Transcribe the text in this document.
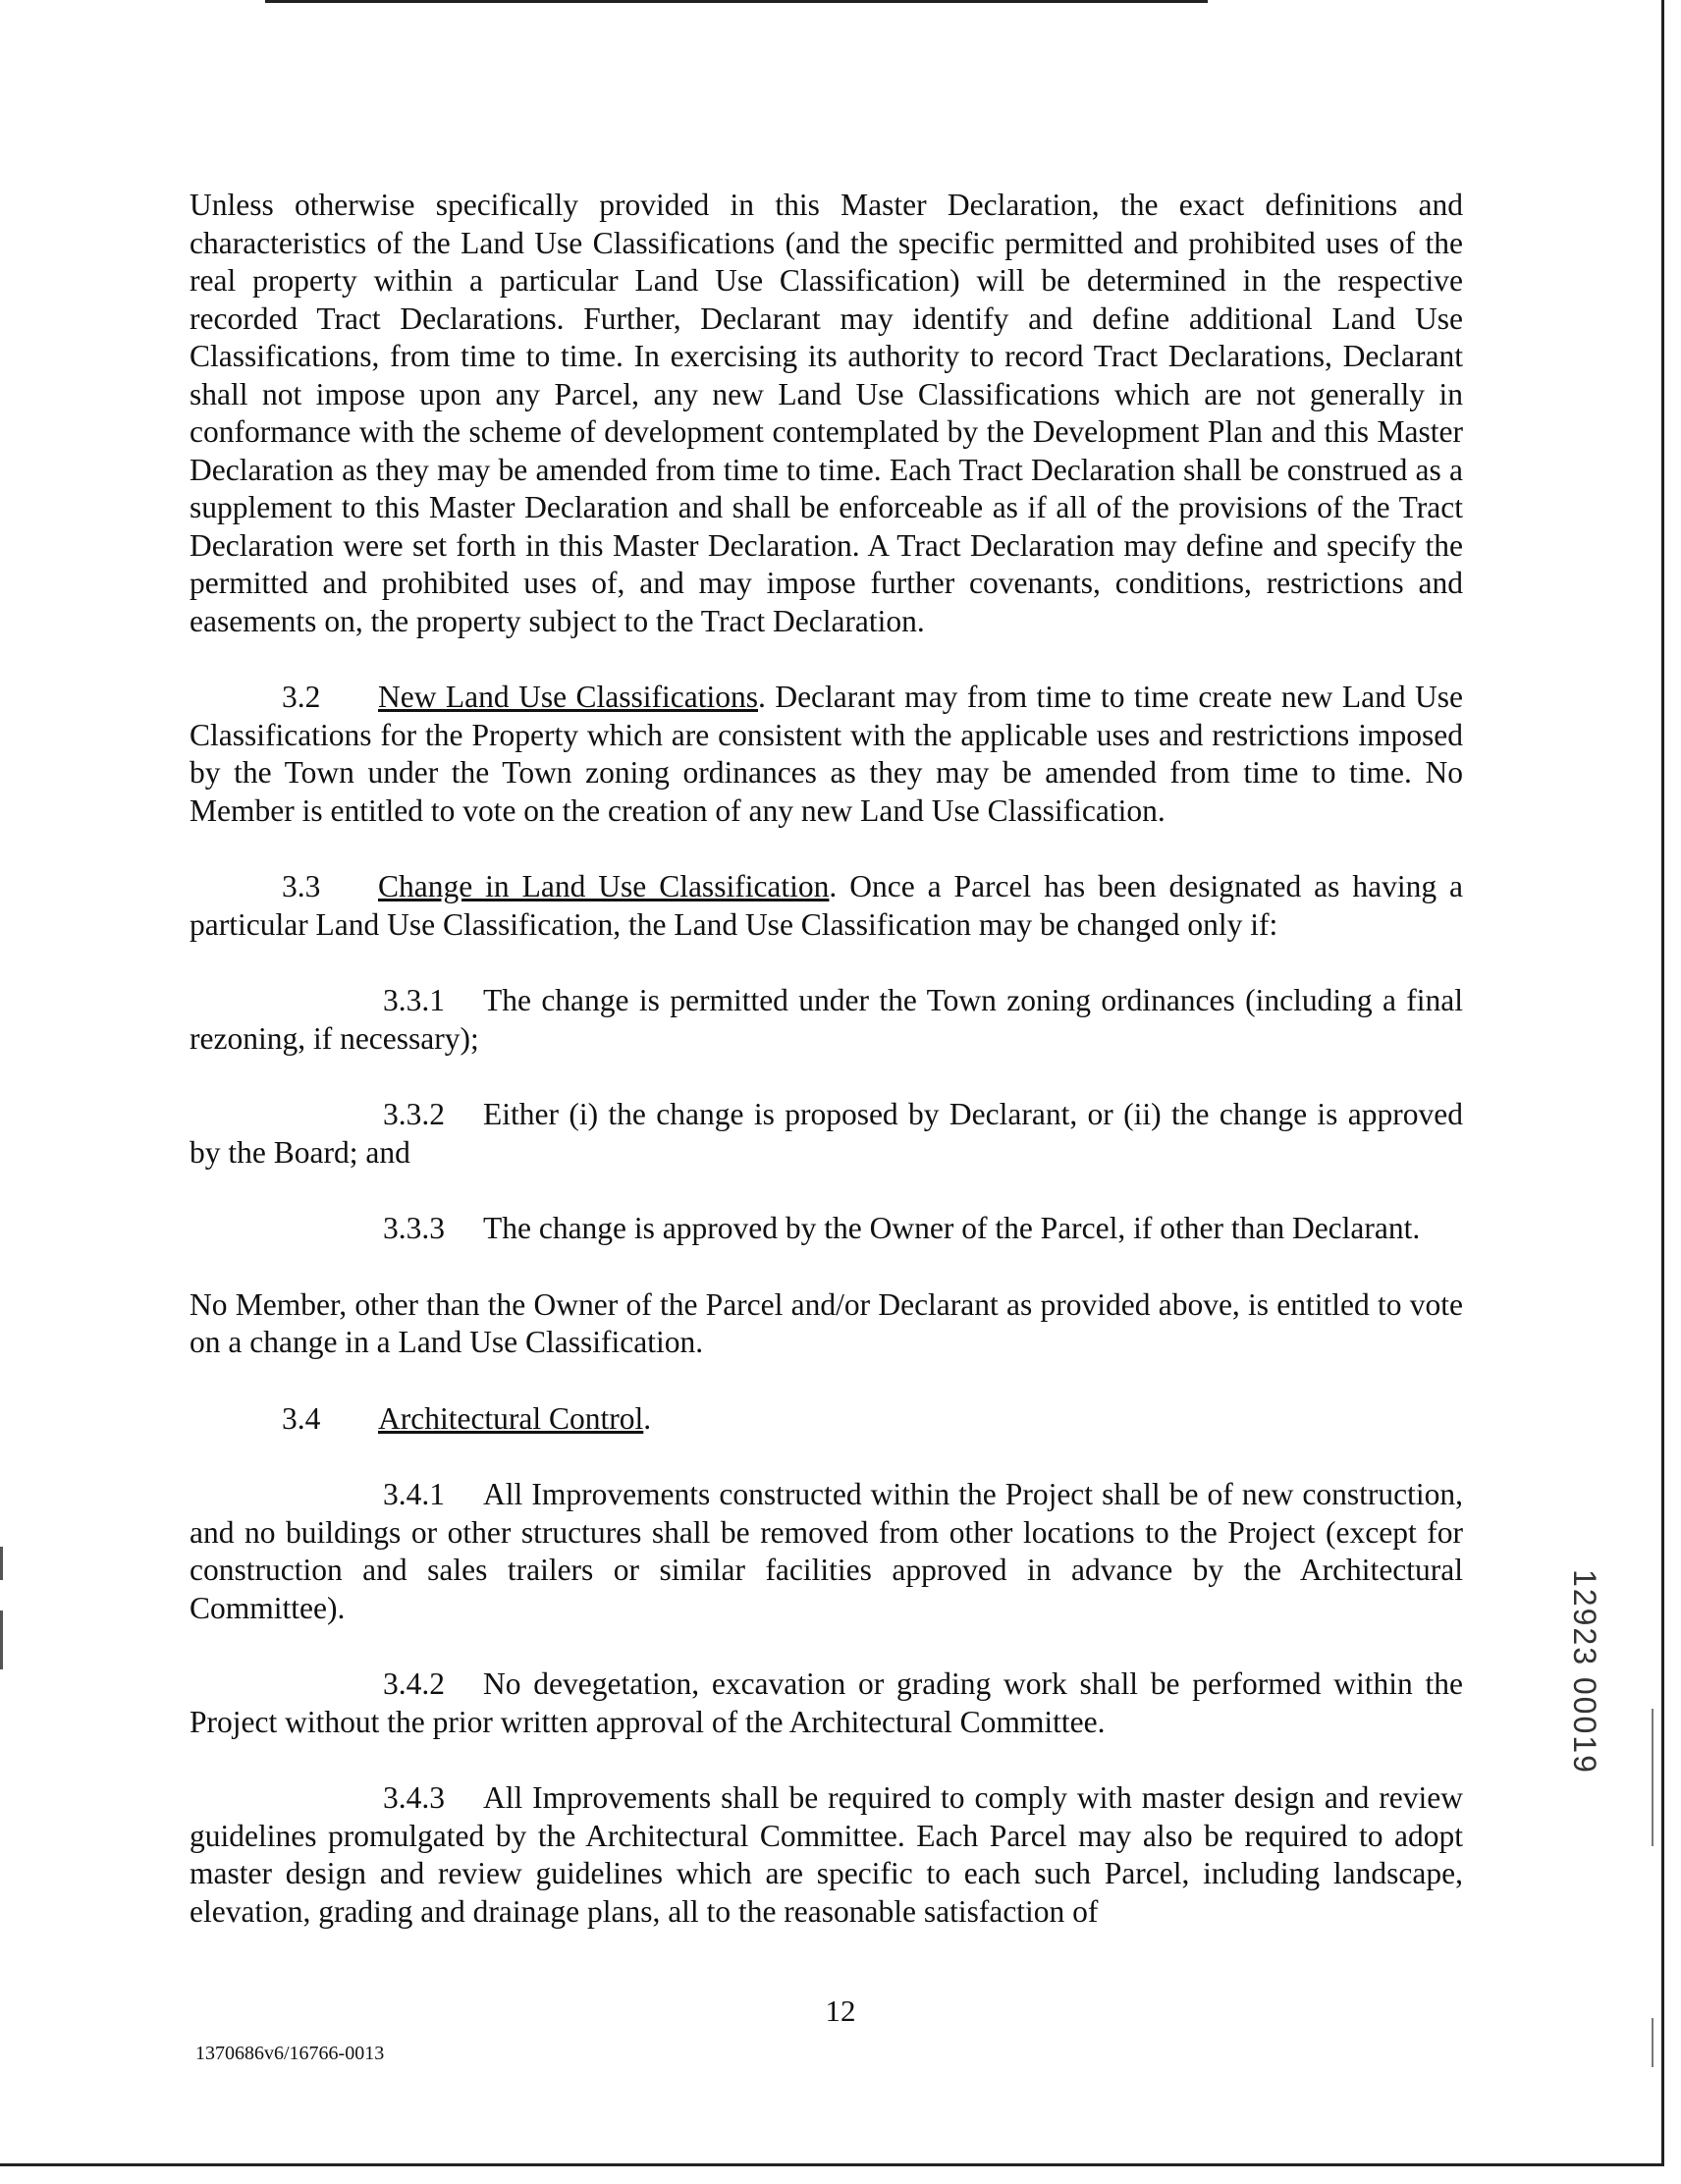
Unless otherwise specifically provided in this Master Declaration, the exact definitions and characteristics of the Land Use Classifications (and the specific permitted and prohibited uses of the real property within a particular Land Use Classification) will be determined in the respective recorded Tract Declarations. Further, Declarant may identify and define additional Land Use Classifications, from time to time. In exercising its authority to record Tract Declarations, Declarant shall not impose upon any Parcel, any new Land Use Classifications which are not generally in conformance with the scheme of development contemplated by the Development Plan and this Master Declaration as they may be amended from time to time. Each Tract Declaration shall be construed as a supplement to this Master Declaration and shall be enforceable as if all of the provisions of the Tract Declaration were set forth in this Master Declaration. A Tract Declaration may define and specify the permitted and prohibited uses of, and may impose further covenants, conditions, restrictions and easements on, the property subject to the Tract Declaration.

3.2 New Land Use Classifications. Declarant may from time to time create new Land Use Classifications for the Property which are consistent with the applicable uses and restrictions imposed by the Town under the Town zoning ordinances as they may be amended from time to time. No Member is entitled to vote on the creation of any new Land Use Classification.

3.3 Change in Land Use Classification. Once a Parcel has been designated as having a particular Land Use Classification, the Land Use Classification may be changed only if:

3.3.1 The change is permitted under the Town zoning ordinances (including a final rezoning, if necessary);

3.3.2 Either (i) the change is proposed by Declarant, or (ii) the change is approved by the Board; and

3.3.3 The change is approved by the Owner of the Parcel, if other than Declarant.

No Member, other than the Owner of the Parcel and/or Declarant as provided above, is entitled to vote on a change in a Land Use Classification.

3.4 Architectural Control.

3.4.1 All Improvements constructed within the Project shall be of new construction, and no buildings or other structures shall be removed from other locations to the Project (except for construction and sales trailers or similar facilities approved in advance by the Architectural Committee).

3.4.2 No devegetation, excavation or grading work shall be performed within the Project without the prior written approval of the Architectural Committee.

3.4.3 All Improvements shall be required to comply with master design and review guidelines promulgated by the Architectural Committee. Each Parcel may also be required to adopt master design and review guidelines which are specific to each such Parcel, including landscape, elevation, grading and drainage plans, all to the reasonable satisfaction of

12923 00019
12
1370686v6/16766-0013
